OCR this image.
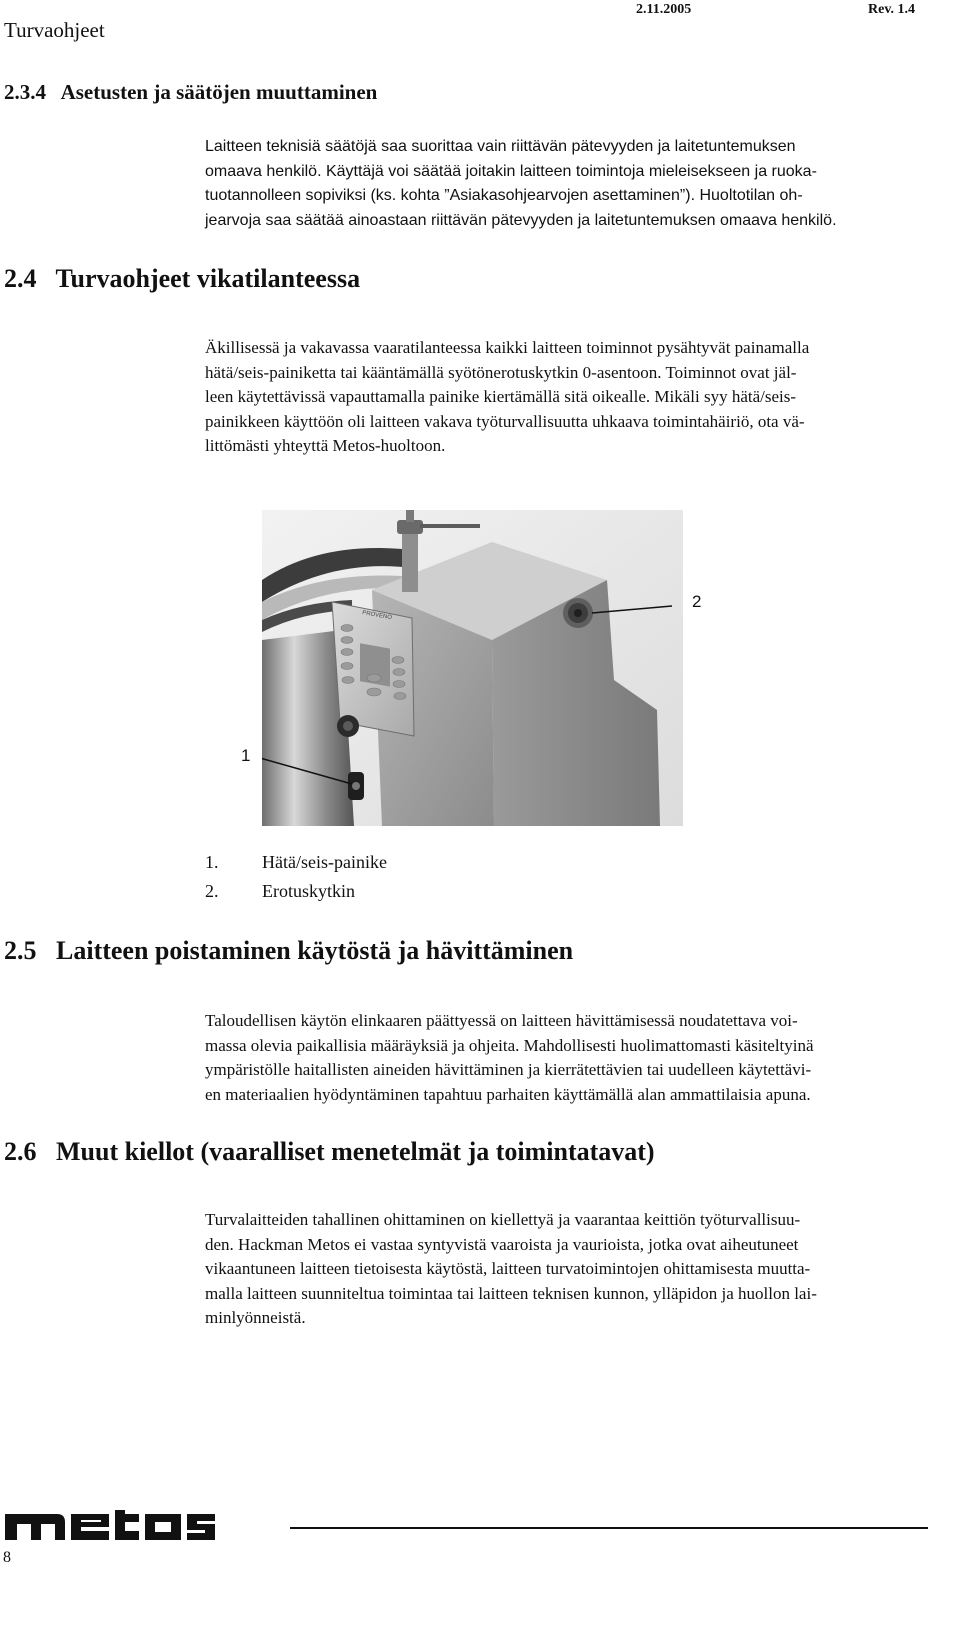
Turvaohjeet
2.11.2005	Rev. 1.4
2.3.4   Asetusten ja säätöjen muuttaminen
Laitteen teknisiä säätöjä saa suorittaa vain riittävän pätevyyden ja laitetuntemuksen
omaava henkilö. Käyttäjä voi säätää joitakin laitteen toimintoja mieleisekseen ja ruoka-
tuotannolleen sopiviksi (ks. kohta ”Asiakasohjearvojen asettaminen”). Huoltotilan oh-
jearvoja saa säätää ainoastaan riittävän pätevyyden ja laitetuntemuksen omaava henkilö.
2.4   Turvaohjeet vikatilanteessa
Äkillisessä ja vakavassa vaaratilanteessa kaikki laitteen toiminnot pysähtyvät painamalla
hätä/seis-painiketta tai kääntämällä syötönerotuskytkin 0-asentoon. Toiminnot ovat jäl-
leen käytettävissä vapauttamalla painike kiertämällä sitä oikealle. Mikäli syy hätä/seis-
painikkeen käyttöön oli laitteen vakava työturvallisuutta uhkaava toimintahäiriö, ota vä-
littömästi yhteyttä Metos-huoltoon.
PROVENO
1
2
1. Hätä/seis-painike
2. Erotuskytkin
2.5   Laitteen poistaminen käytöstä ja hävittäminen
Taloudellisen käytön elinkaaren päättyessä on laitteen hävittämisessä noudatettava voi-
massa olevia paikallisia määräyksiä ja ohjeita. Mahdollisesti huolimattomasti käsiteltyinä
ympäristölle haitallisten aineiden hävittäminen ja kierrätettävien tai uudelleen käytettävi-
en materiaalien hyödyntäminen tapahtuu parhaiten käyttämällä alan ammattilaisia apuna.
2.6   Muut kiellot (vaaralliset menetelmät ja toimintatavat)
Turvalaitteiden tahallinen ohittaminen on kiellettyä ja vaarantaa keittiön työturvallisuu-
den. Hackman Metos ei vastaa syntyvistä vaaroista ja vaurioista, jotka ovat aiheutuneet
vikaantuneen laitteen tietoisesta käytöstä, laitteen turvatoimintojen ohittamisesta muutta-
malla laitteen suunniteltua toimintaa tai laitteen teknisen kunnon, ylläpidon ja huollon lai-
minlyönneistä.
8
